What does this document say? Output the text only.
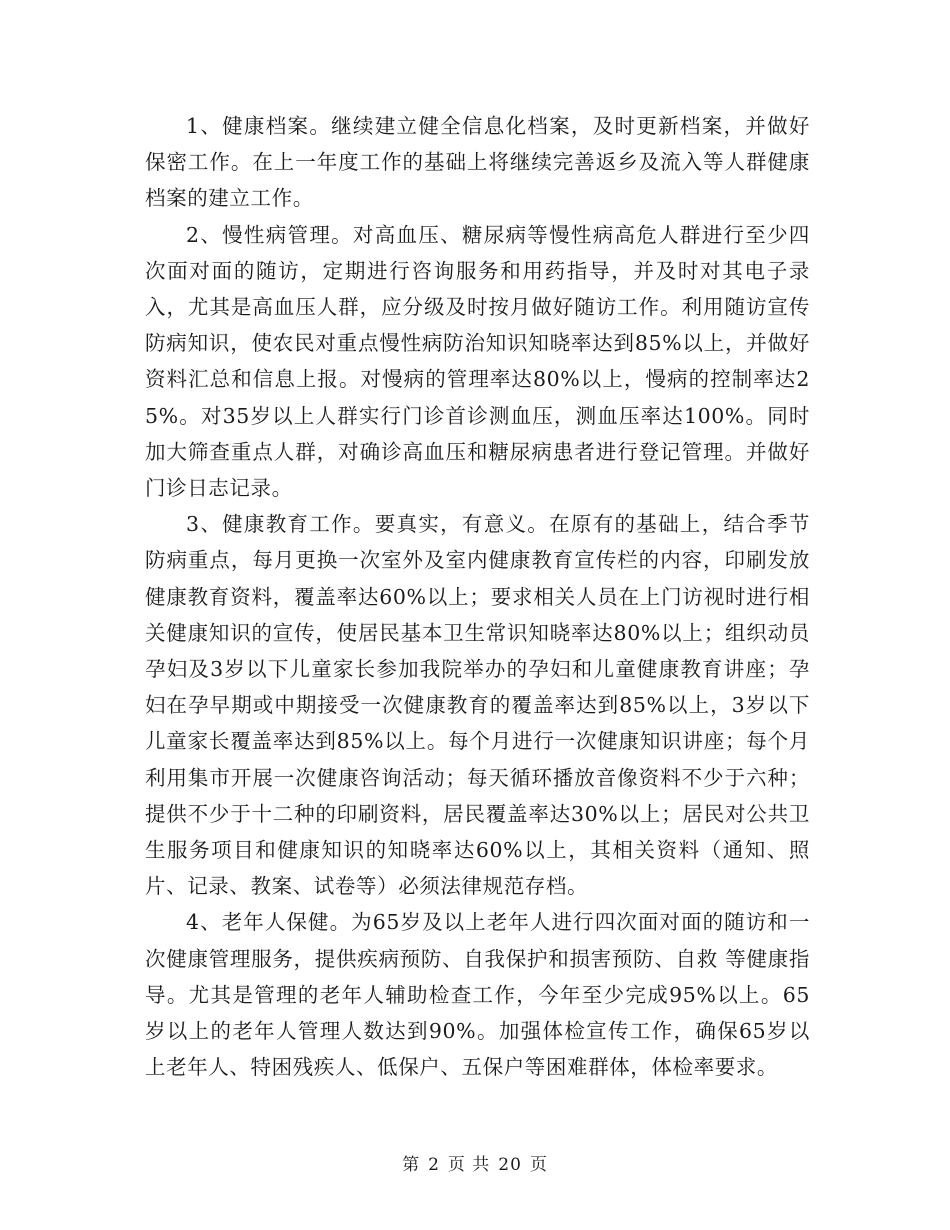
1、健康档案。继续建立健全信息化档案，及时更新档案，并做好保密工作。在上一年度工作的基础上将继续完善返乡及流入等人群健康档案的建立工作。

2、慢性病管理。对高血压、糖尿病等慢性病高危人群进行至少四次面对面的随访，定期进行咨询服务和用药指导，并及时对其电子录入，尤其是高血压人群，应分级及时按月做好随访工作。利用随访宣传防病知识，使农民对重点慢性病防治知识知晓率达到85%以上，并做好资料汇总和信息上报。对慢病的管理率达80%以上，慢病的控制率达25%。对35岁以上人群实行门诊首诊测血压，测血压率达100%。同时加大筛查重点人群，对确诊高血压和糖尿病患者进行登记管理。并做好门诊日志记录。

3、健康教育工作。要真实，有意义。在原有的基础上，结合季节防病重点，每月更换一次室外及室内健康教育宣传栏的内容，印刷发放健康教育资料，覆盖率达60%以上；要求相关人员在上门访视时进行相关健康知识的宣传，使居民基本卫生常识知晓率达80%以上；组织动员孕妇及3岁以下儿童家长参加我院举办的孕妇和儿童健康教育讲座；孕妇在孕早期或中期接受一次健康教育的覆盖率达到85%以上，3岁以下儿童家长覆盖率达到85%以上。每个月进行一次健康知识讲座；每个月利用集市开展一次健康咨询活动；每天循环播放音像资料不少于六种；提供不少于十二种的印刷资料，居民覆盖率达30%以上；居民对公共卫生服务项目和健康知识的知晓率达60%以上，其相关资料（通知、照片、记录、教案、试卷等）必须法律规范存档。

4、老年人保健。为65岁及以上老年人进行四次面对面的随访和一次健康管理服务，提供疾病预防、自我保护和损害预防、自救 等健康指导。尤其是管理的老年人辅助检查工作，今年至少完成95%以上。65岁以上的老年人管理人数达到90%。加强体检宣传工作，确保65岁以上老年人、特困残疾人、低保户、五保户等困难群体，体检率要求。

第 2 页 共 20 页
